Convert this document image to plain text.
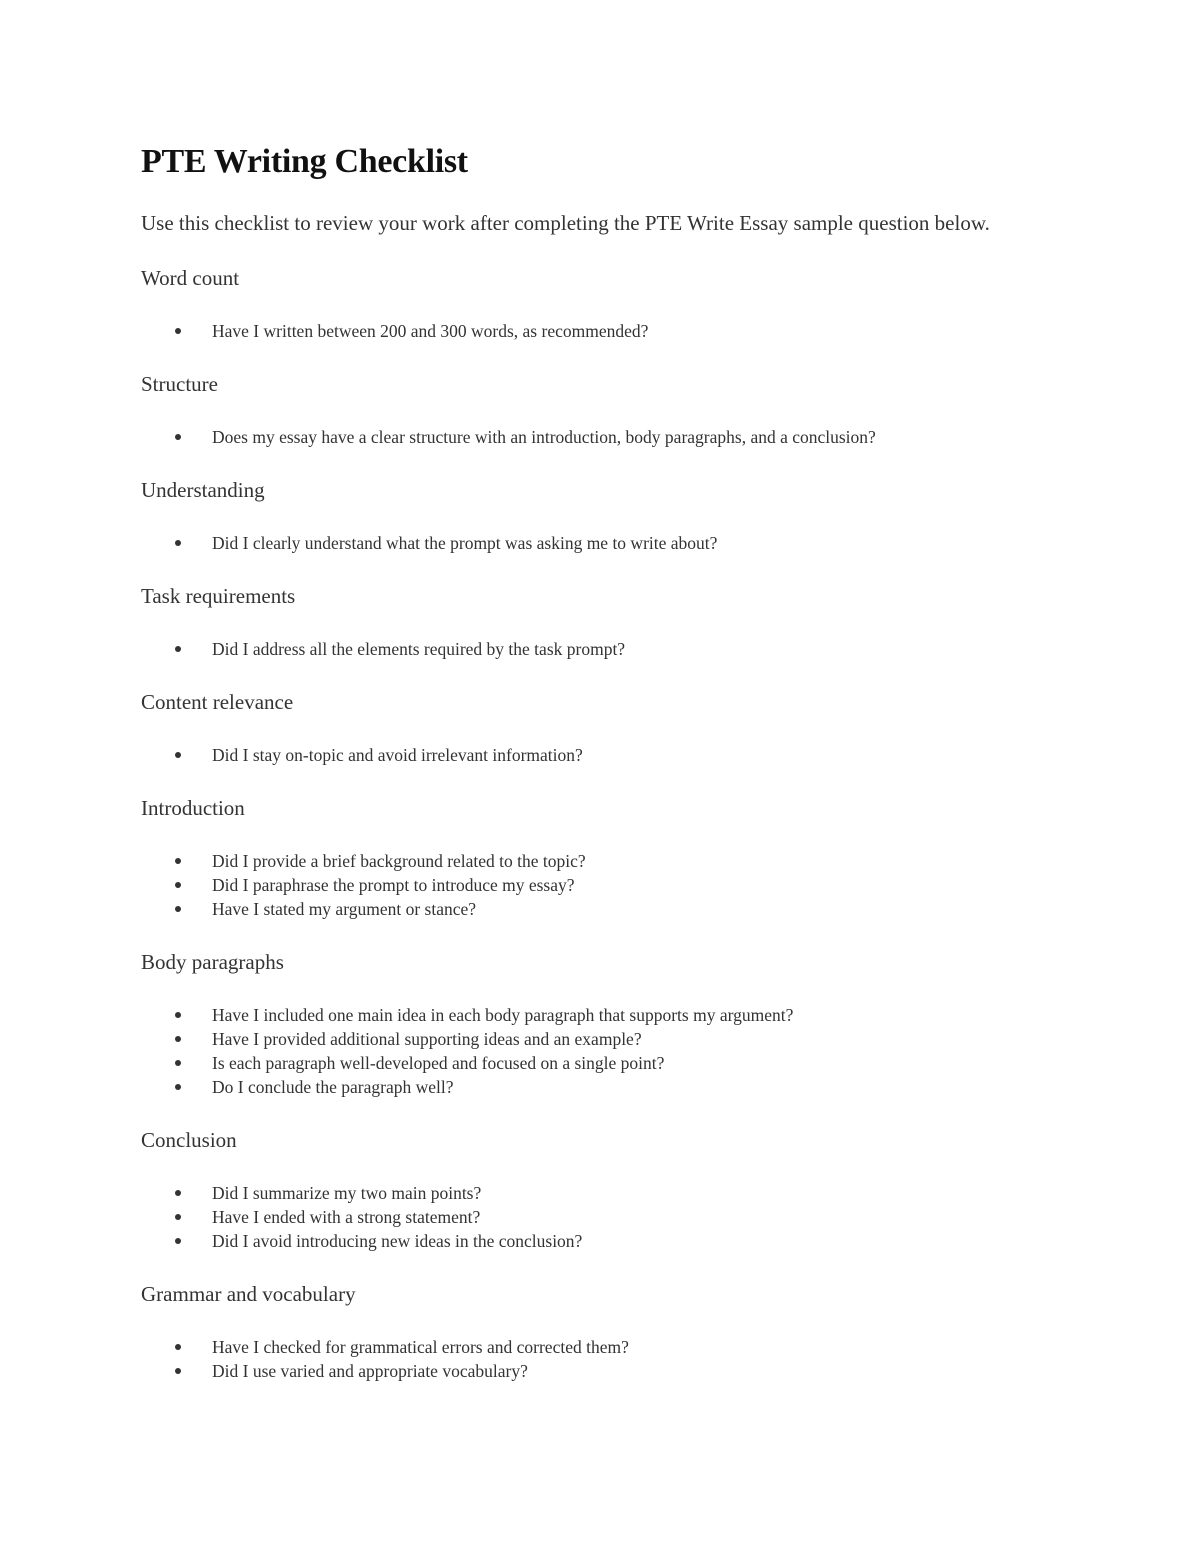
PTE Writing Checklist

Use this checklist to review your work after completing the PTE Write Essay sample question below.

Word count
Have I written between 200 and 300 words, as recommended?
Structure
Does my essay have a clear structure with an introduction, body paragraphs, and a conclusion?
Understanding
Did I clearly understand what the prompt was asking me to write about?
Task requirements
Did I address all the elements required by the task prompt?
Content relevance
Did I stay on-topic and avoid irrelevant information?
Introduction
Did I provide a brief background related to the topic?
Did I paraphrase the prompt to introduce my essay?
Have I stated my argument or stance?
Body paragraphs
Have I included one main idea in each body paragraph that supports my argument?
Have I provided additional supporting ideas and an example?
Is each paragraph well-developed and focused on a single point?
Do I conclude the paragraph well?
Conclusion
Did I summarize my two main points?
Have I ended with a strong statement?
Did I avoid introducing new ideas in the conclusion?
Grammar and vocabulary
Have I checked for grammatical errors and corrected them?
Did I use varied and appropriate vocabulary?
